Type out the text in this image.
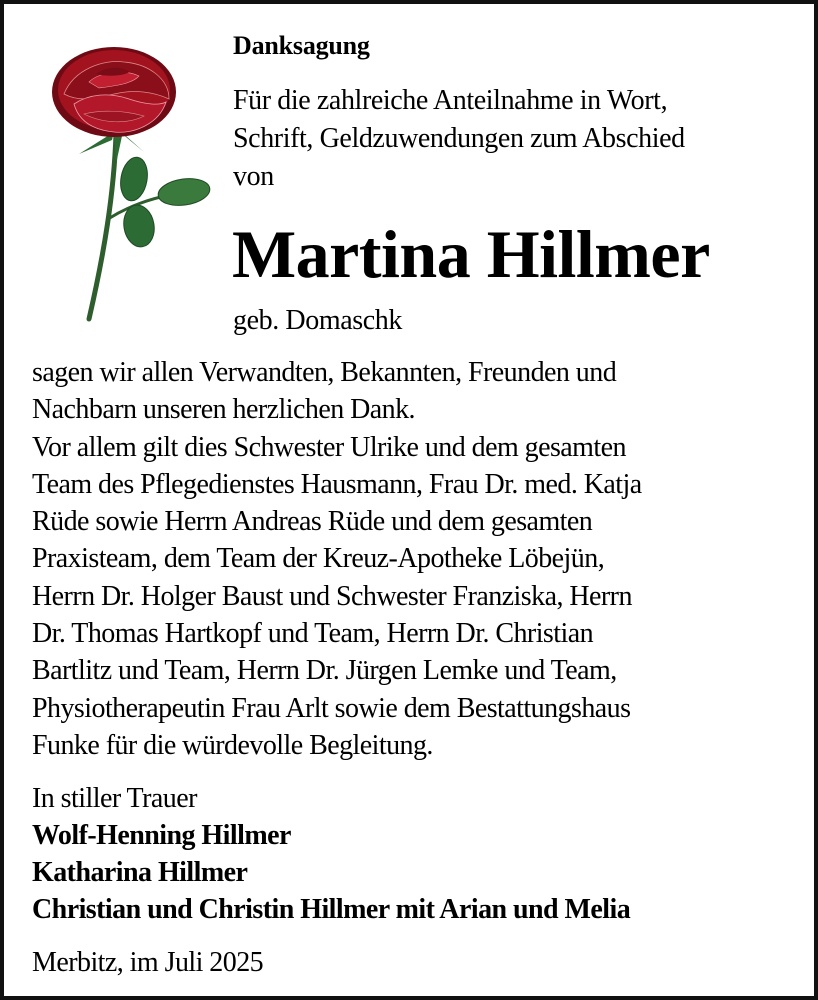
Danksagung
Für die zahlreiche Anteilnahme in Wort,
Schrift, Geldzuwendungen zum Abschied
von
Martina Hillmer
geb. Domaschk
sagen wir allen Verwandten, Bekannten, Freunden und
Nachbarn unseren herzlichen Dank.
Vor allem gilt dies Schwester Ulrike und dem gesamten
Team des Pflegedienstes Hausmann, Frau Dr. med. Katja
Rüde sowie Herrn Andreas Rüde und dem gesamten
Praxisteam, dem Team der Kreuz-Apotheke Löbejün,
Herrn Dr. Holger Baust und Schwester Franziska, Herrn
Dr. Thomas Hartkopf und Team, Herrn Dr. Christian
Bartlitz und Team, Herrn Dr. Jürgen Lemke und Team,
Physiotherapeutin Frau Arlt sowie dem Bestattungshaus
Funke für die würdevolle Begleitung.
In stiller Trauer
Wolf-Henning Hillmer
Katharina Hillmer
Christian und Christin Hillmer mit Arian und Melia
Merbitz, im Juli 2025
